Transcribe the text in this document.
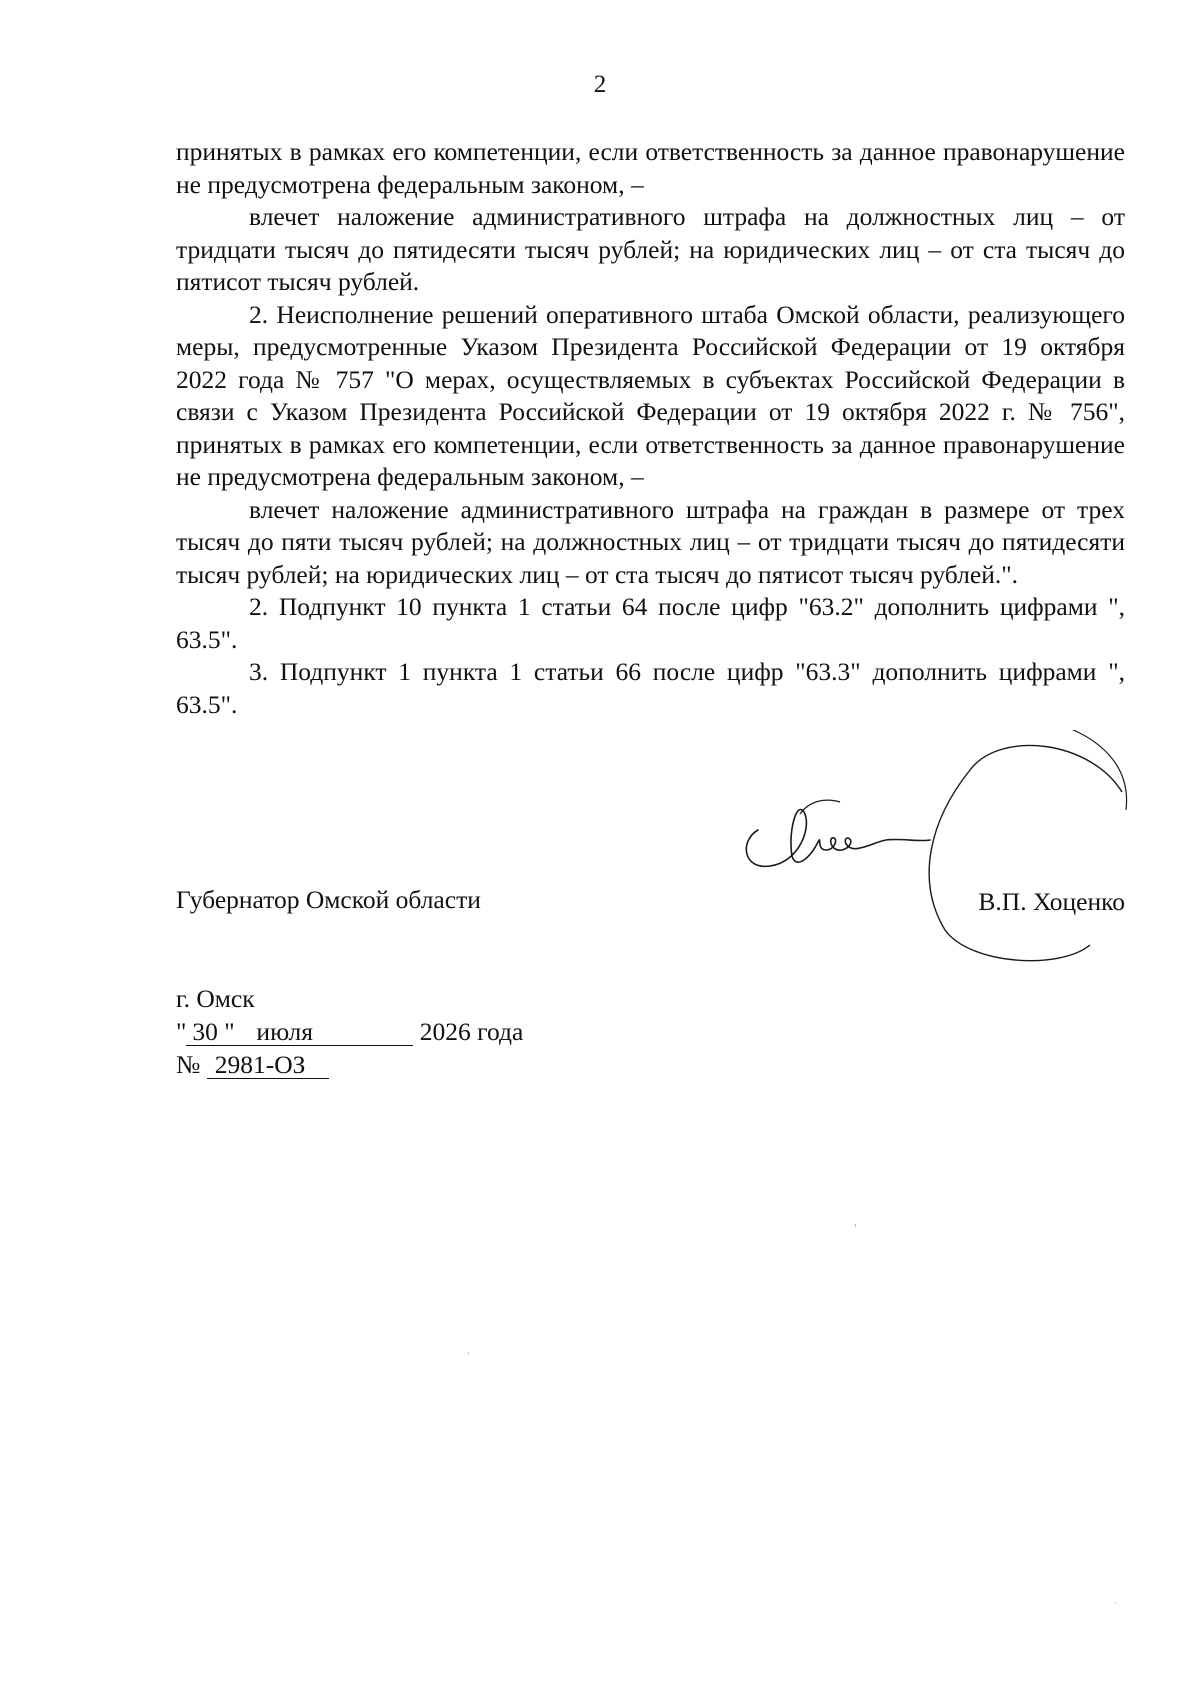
2

принятых в рамках его компетенции, если ответственность за данное правонарушение не предусмотрена федеральным законом, –

влечет наложение административного штрафа на должностных лиц – от тридцати тысяч до пятидесяти тысяч рублей; на юридических лиц – от ста тысяч до пятисот тысяч рублей.

2. Неисполнение решений оперативного штаба Омской области, реализующего меры, предусмотренные Указом Президента Российской Федерации от 19 октября 2022 года № 757 "О мерах, осуществляемых в субъектах Российской Федерации в связи с Указом Президента Российской Федерации от 19 октября 2022 г. № 756", принятых в рамках его компетенции, если ответственность за данное правонарушение не предусмотрена федеральным законом, –

влечет наложение административного штрафа на граждан в размере от трех тысяч до пяти тысяч рублей; на должностных лиц – от тридцати тысяч до пятидесяти тысяч рублей; на юридических лиц – от ста тысяч до пятисот тысяч рублей.".

2. Подпункт 10 пункта 1 статьи 64 после цифр "63.2" дополнить цифрами ", 63.5".

3. Подпункт 1 пункта 1 статьи 66 после цифр "63.3" дополнить цифрами ", 63.5".

Губернатор Омской области	В.П. Хоценко
г. Омск
" 30 " июля	2026 года
№ 2981-ОЗ
